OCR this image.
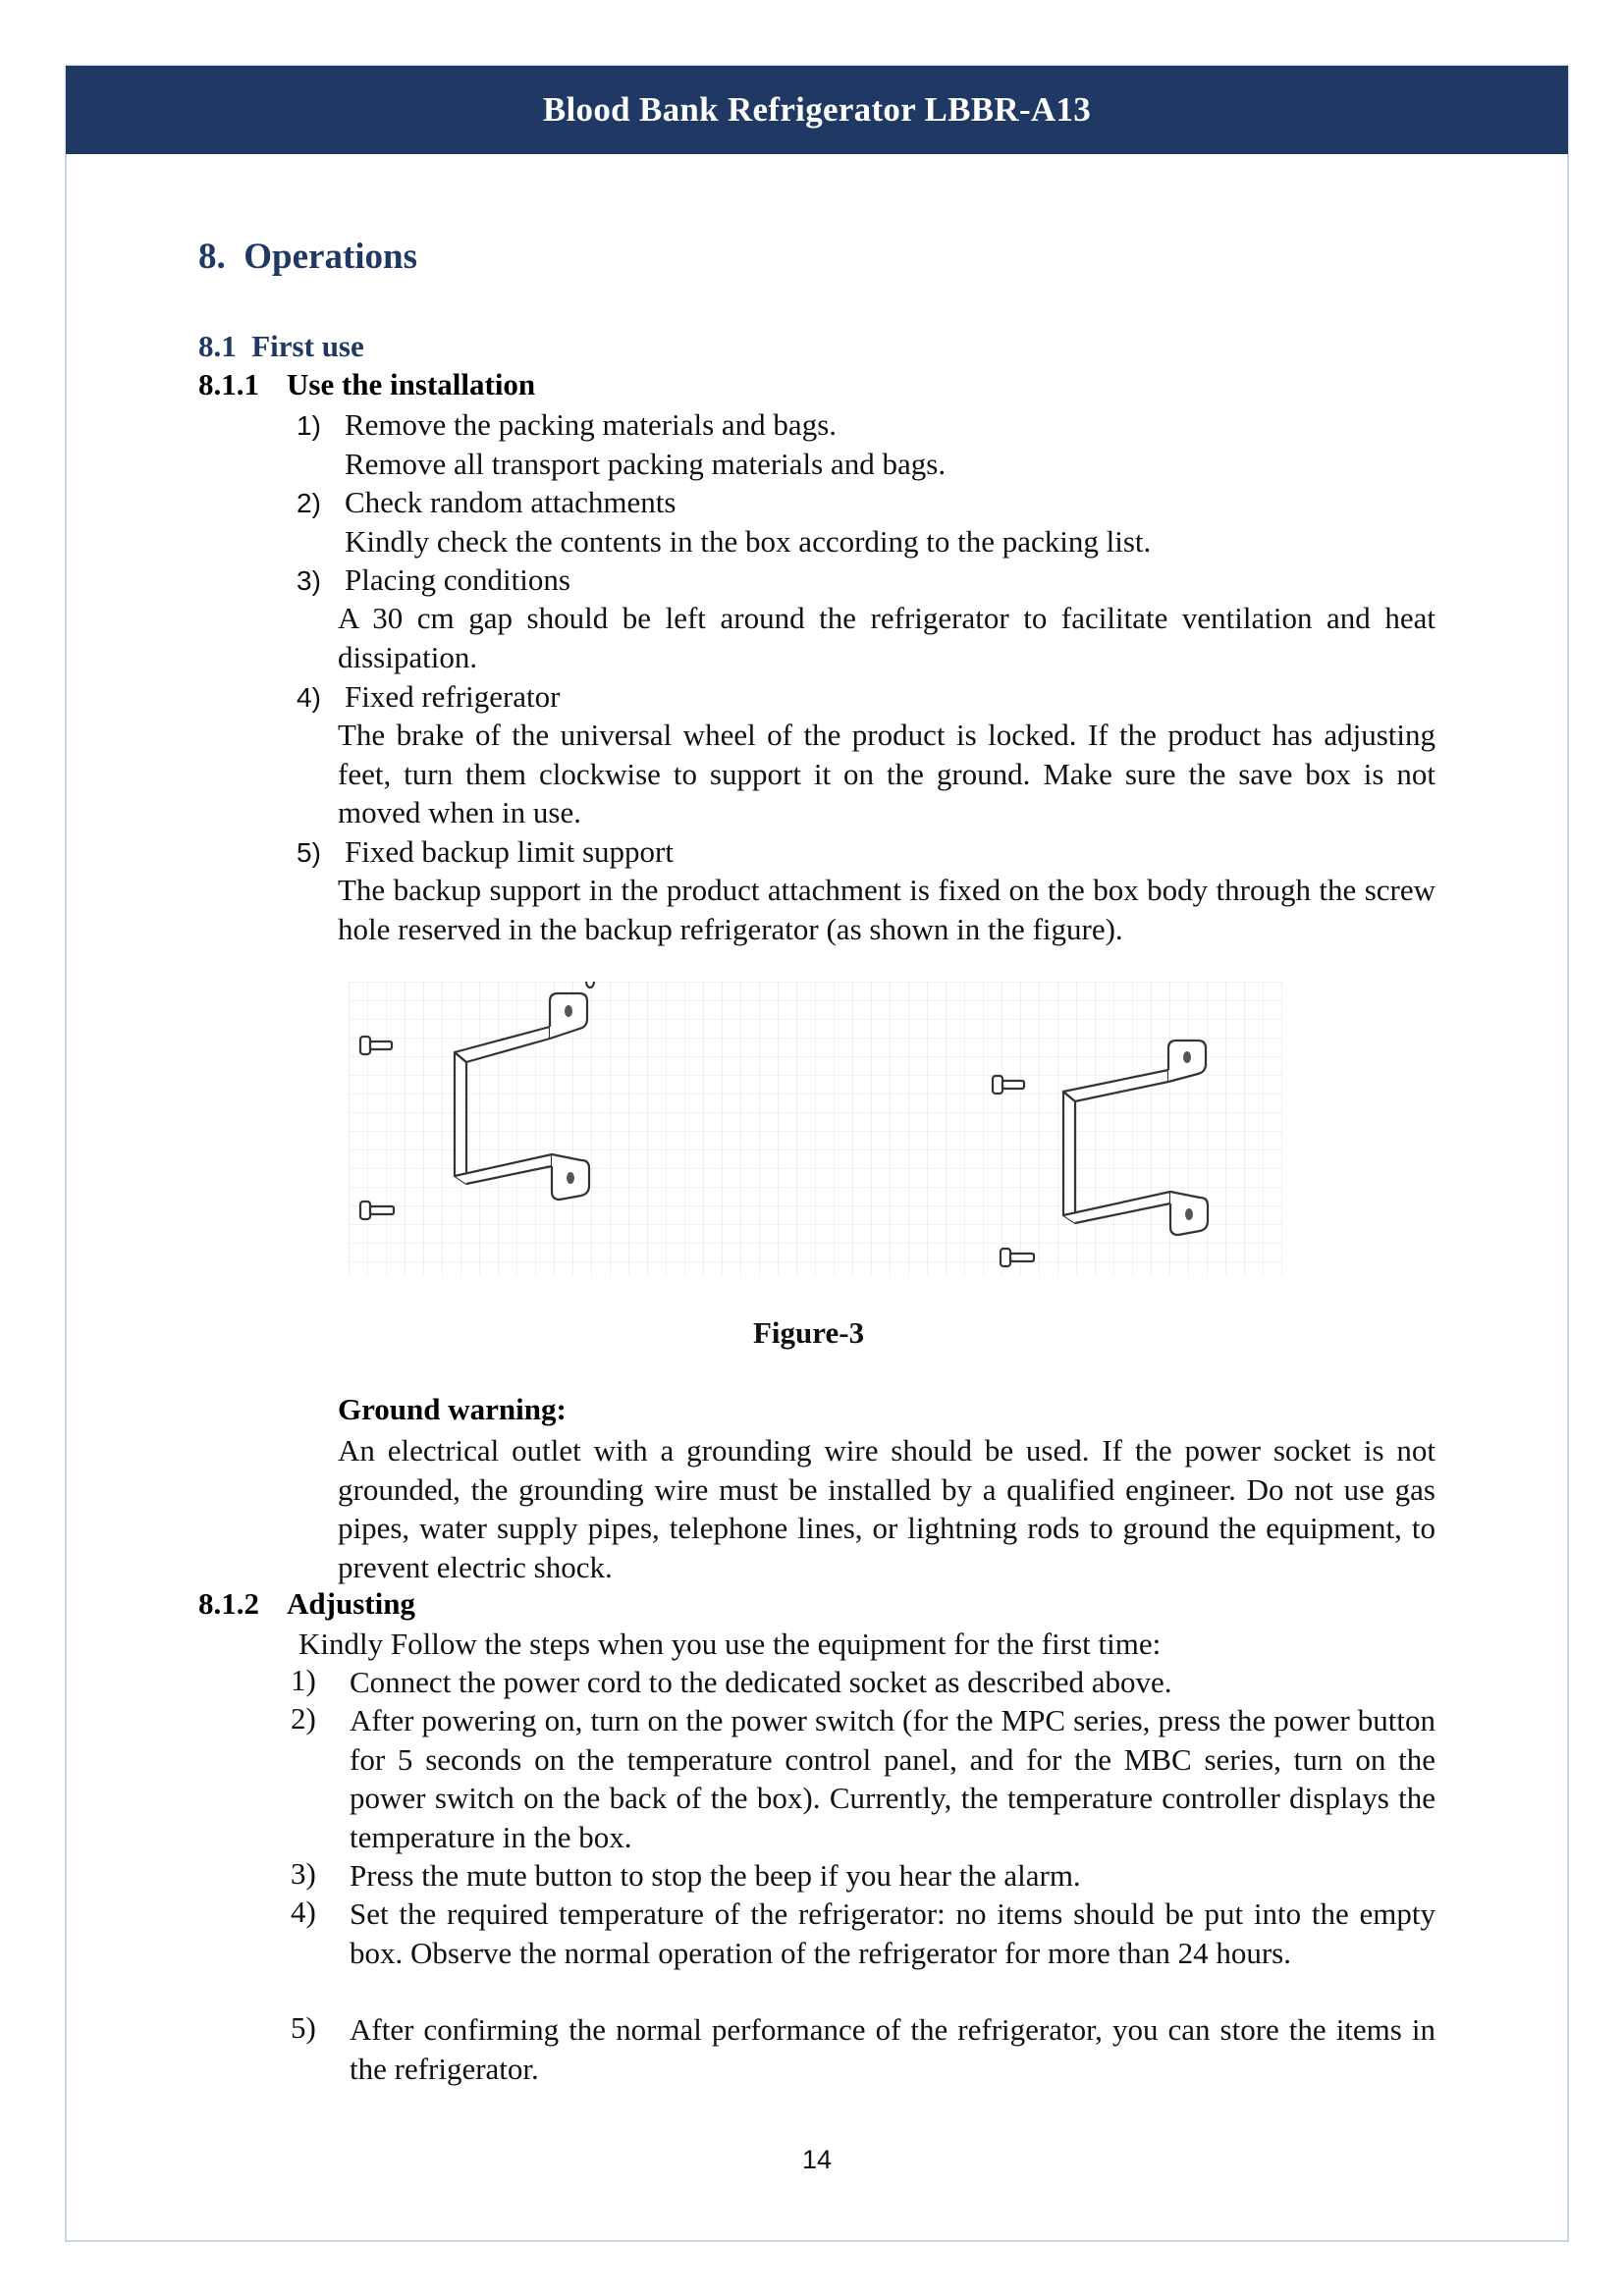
Blood Bank Refrigerator LBBR-A13
8. Operations
8.1 First use
8.1.1 Use the installation
1) Remove the packing materials and bags.
Remove all transport packing materials and bags.
2) Check random attachments
Kindly check the contents in the box according to the packing list.
3) Placing conditions
A 30 cm gap should be left around the refrigerator to facilitate ventilation and heat dissipation.
4) Fixed refrigerator
The brake of the universal wheel of the product is locked. If the product has adjusting feet, turn them clockwise to support it on the ground. Make sure the save box is not moved when in use.
5) Fixed backup limit support
The backup support in the product attachment is fixed on the box body through the screw hole reserved in the backup refrigerator (as shown in the figure).
Figure-3
Ground warning:
An electrical outlet with a grounding wire should be used. If the power socket is not grounded, the grounding wire must be installed by a qualified engineer. Do not use gas pipes, water supply pipes, telephone lines, or lightning rods to ground the equipment, to prevent electric shock.
8.1.2 Adjusting
Kindly Follow the steps when you use the equipment for the first time:
1) Connect the power cord to the dedicated socket as described above.
2) After powering on, turn on the power switch (for the MPC series, press the power button for 5 seconds on the temperature control panel, and for the MBC series, turn on the power switch on the back of the box). Currently, the temperature controller displays the temperature in the box.
3) Press the mute button to stop the beep if you hear the alarm.
4) Set the required temperature of the refrigerator: no items should be put into the empty box. Observe the normal operation of the refrigerator for more than 24 hours.
5) After confirming the normal performance of the refrigerator, you can store the items in the refrigerator.
14
